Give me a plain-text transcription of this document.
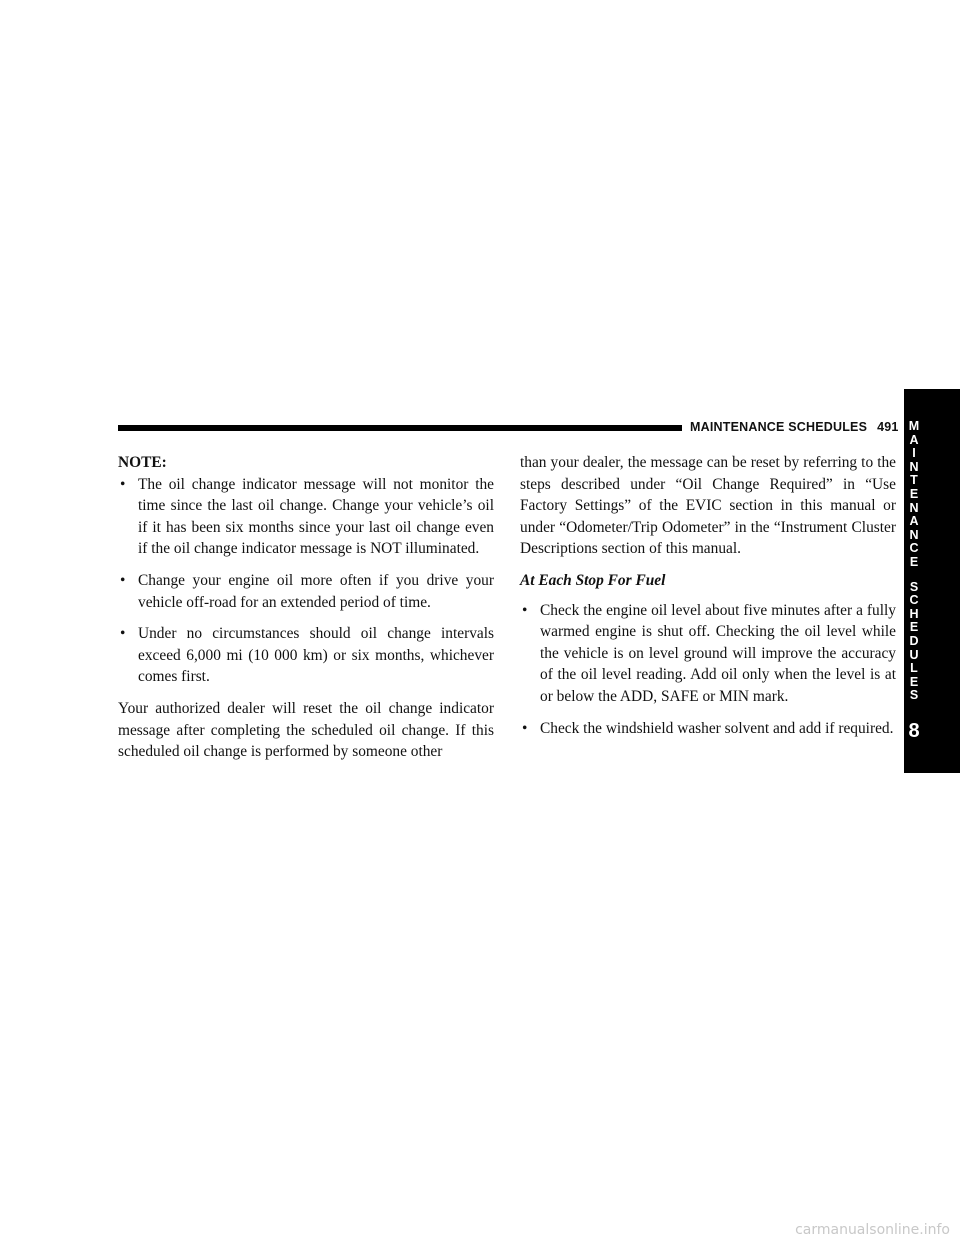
MAINTENANCE SCHEDULES 491

NOTE:

• The oil change indicator message will not monitor the time since the last oil change. Change your vehicle’s oil if it has been six months since your last oil change even if the oil change indicator message is NOT illuminated.
• Change your engine oil more often if you drive your vehicle off-road for an extended period of time.
• Under no circumstances should oil change intervals exceed 6,000 mi (10 000 km) or six months, whichever comes first.

Your authorized dealer will reset the oil change indicator message after completing the scheduled oil change. If this scheduled oil change is performed by someone other

than your dealer, the message can be reset by referring to the steps described under “Oil Change Required” in “Use Factory Settings” of the EVIC section in this manual or under “Odometer/Trip Odometer” in the “Instrument Cluster Descriptions section of this manual.

At Each Stop For Fuel

• Check the engine oil level about five minutes after a fully warmed engine is shut off. Checking the oil level while the vehicle is on level ground will improve the accuracy of the oil level reading. Add oil only when the level is at or below the ADD, SAFE or MIN mark.
• Check the windshield washer solvent and add if required.
M
A
I
N
T
E
N
A
N
C
E
S
C
H
E
D
U
L
E
S
8
carmanualsonline.info
